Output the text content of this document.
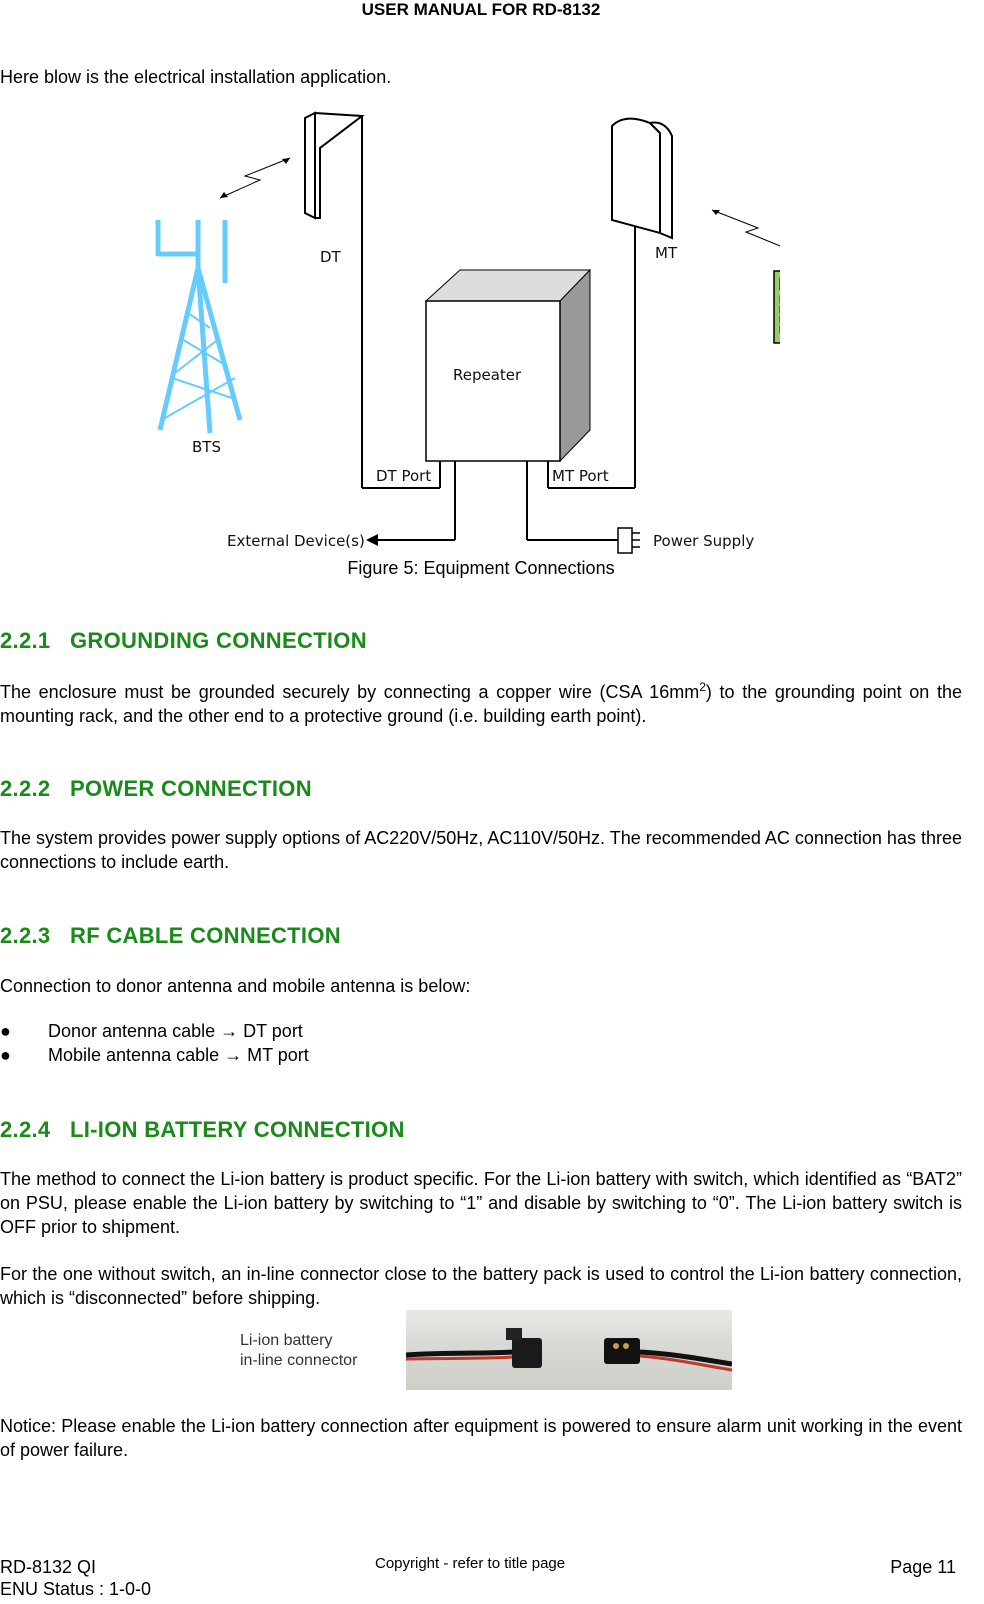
USER MANUAL FOR RD-8132
Here blow is the electrical installation application.
DT
BTS
MT
Repeater
DT Port	MT Port
External Device(s)	Power Supply
Figure 5: Equipment Connections
2.2.1 GROUNDING CONNECTION
The enclosure must be grounded securely by connecting a copper wire (CSA $16mm^2$) to the grounding point on the mounting rack, and the other end to a protective ground (i.e. building earth point).
2.2.2 POWER CONNECTION
The system provides power supply options of AC220V/50Hz, AC110V/50Hz. The recommended AC connection has three connections to include earth.
2.2.3 RF CABLE CONNECTION
Connection to donor antenna and mobile antenna is below:
● Donor antenna cable → DT port
● Mobile antenna cable → MT port
2.2.4 LI-ION BATTERY CONNECTION
The method to connect the Li-ion battery is product specific. For the Li-ion battery with switch, which identified as “BAT2” on PSU, please enable the Li-ion battery by switching to “1” and disable by switching to “0”. The Li-ion battery switch is OFF prior to shipment.
For the one without switch, an in-line connector close to the battery pack is used to control the Li-ion battery connection, which is “disconnected” before shipping.
Li-ion battery
in-line connector
Notice: Please enable the Li-ion battery connection after equipment is powered to ensure alarm unit working in the event of power failure.
RD-8132 QI
ENU Status : 1-0-0
Copyright - refer to title page	Page 11
